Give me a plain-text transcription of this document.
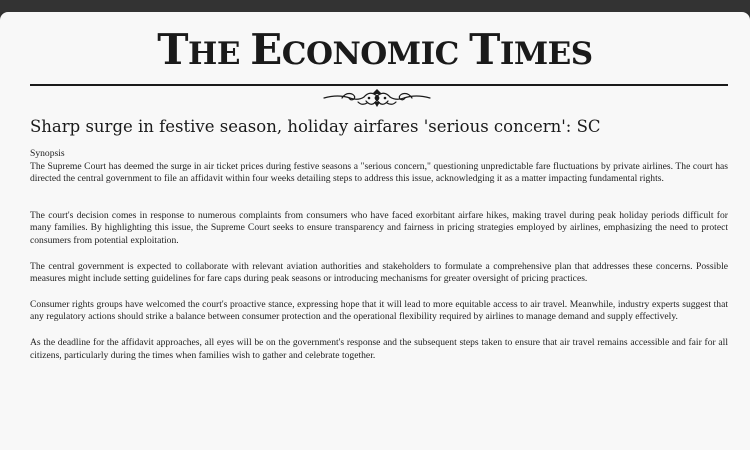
THE ECONOMIC TIMES
Sharp surge in festive season, holiday airfares 'serious concern': SC

Synopsis

The Supreme Court has deemed the surge in air ticket prices during festive seasons a "serious concern," questioning unpredictable fare fluctuations by private airlines. The court has directed the central government to file an affidavit within four weeks detailing steps to address this issue, acknowledging it as a matter impacting fundamental rights.

The court's decision comes in response to numerous complaints from consumers who have faced exorbitant airfare hikes, making travel during peak holiday periods difficult for many families. By highlighting this issue, the Supreme Court seeks to ensure transparency and fairness in pricing strategies employed by airlines, emphasizing the need to protect consumers from potential exploitation.

The central government is expected to collaborate with relevant aviation authorities and stakeholders to formulate a comprehensive plan that addresses these concerns. Possible measures might include setting guidelines for fare caps during peak seasons or introducing mechanisms for greater oversight of pricing practices.

Consumer rights groups have welcomed the court's proactive stance, expressing hope that it will lead to more equitable access to air travel. Meanwhile, industry experts suggest that any regulatory actions should strike a balance between consumer protection and the operational flexibility required by airlines to manage demand and supply effectively.

As the deadline for the affidavit approaches, all eyes will be on the government's response and the subsequent steps taken to ensure that air travel remains accessible and fair for all citizens, particularly during the times when families wish to gather and celebrate together.
